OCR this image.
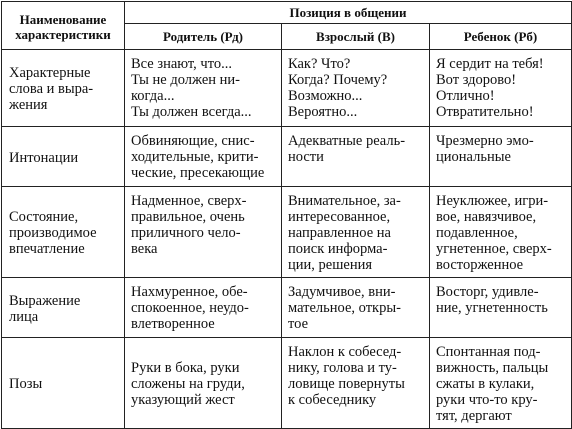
Наименование
характеристики	Позиция в общении		

	Родитель (Рд)	Взрослый (В)	Ребенок (Рб)

Характерные
слова и выра-
жения	Все знают, что...
Ты не должен ни-
когда...
Ты должен всегда...	Как? Что?
Когда? Почему?
Возможно...
Вероятно...	Я сердит на тебя!
Вот здорово!
Отлично!
Отвратительно!

Интонации	Обвиняющие, сниc-
ходительные, крити-
ческие, пресекающие	Адекватные реаль-
ности	Чрезмерно эмо-
циональные

Состояние,
производимое
впечатление	Надменное, сверх-
правильное, очень
приличного чело-
века	Внимательное, за-
интересованное,
направленное на
поиск информа-
ции, решения	Неуклюжее, игри-
вое, навязчивое,
подавленное,
угнетенное, сверх-
восторженное

Выражение
лица	Нахмуренное, обе-
спокоенное, неудо-
влетворенное	Задумчивое, вни-
мательное, откры-
тое	Восторг, удивле-
ние, угнетенность

Позы	Руки в бока, руки
сложены на груди,
указующий жест	Наклон к собесед-
нику, голова и ту-
ловище повернуты
к собеседнику	Спонтанная под-
вижность, пальцы
сжаты в кулаки,
руки что-то кру-
тят, дергают
